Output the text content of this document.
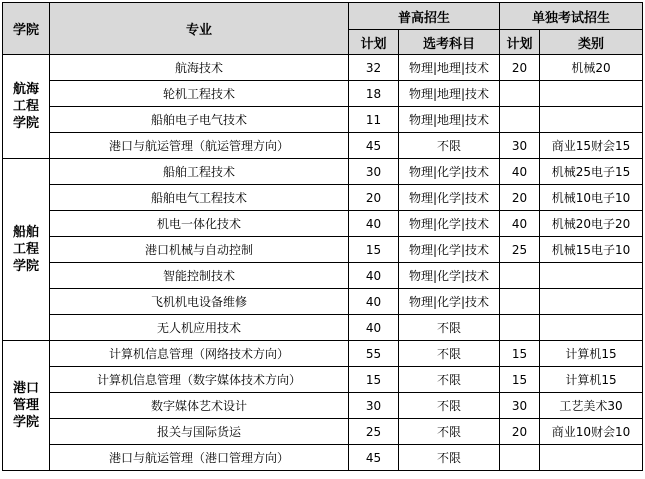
学院	专业	普高招生		单独考试招生	
		计划	选考科目	计划	类别

航海
工程
学院	航海技术	32	物理|地理|技术	20	机械20
	轮机工程技术	18	物理|地理|技术		
	船舶电子电气技术	11	物理|地理|技术		
	港口与航运管理（航运管理方向）	45	不限	30	商业15财会15

船舶
工程
学院	船舶工程技术	30	物理|化学|技术	40	机械25电子15
	船舶电气工程技术	20	物理|化学|技术	20	机械10电子10
	机电一体化技术	40	物理|化学|技术	40	机械20电子20
	港口机械与自动控制	15	物理|化学|技术	25	机械15电子10
	智能控制技术	40	物理|化学|技术		
	飞机机电设备维修	40	物理|化学|技术		
	无人机应用技术	40	不限		

港口
管理
学院	计算机信息管理（网络技术方向）	55	不限	15	计算机15
	计算机信息管理（数字媒体技术方向）	15	不限	15	计算机15
	数字媒体艺术设计	30	不限	30	工艺美术30
	报关与国际货运	25	不限	20	商业10财会10
	港口与航运管理（港口管理方向）	45	不限		
